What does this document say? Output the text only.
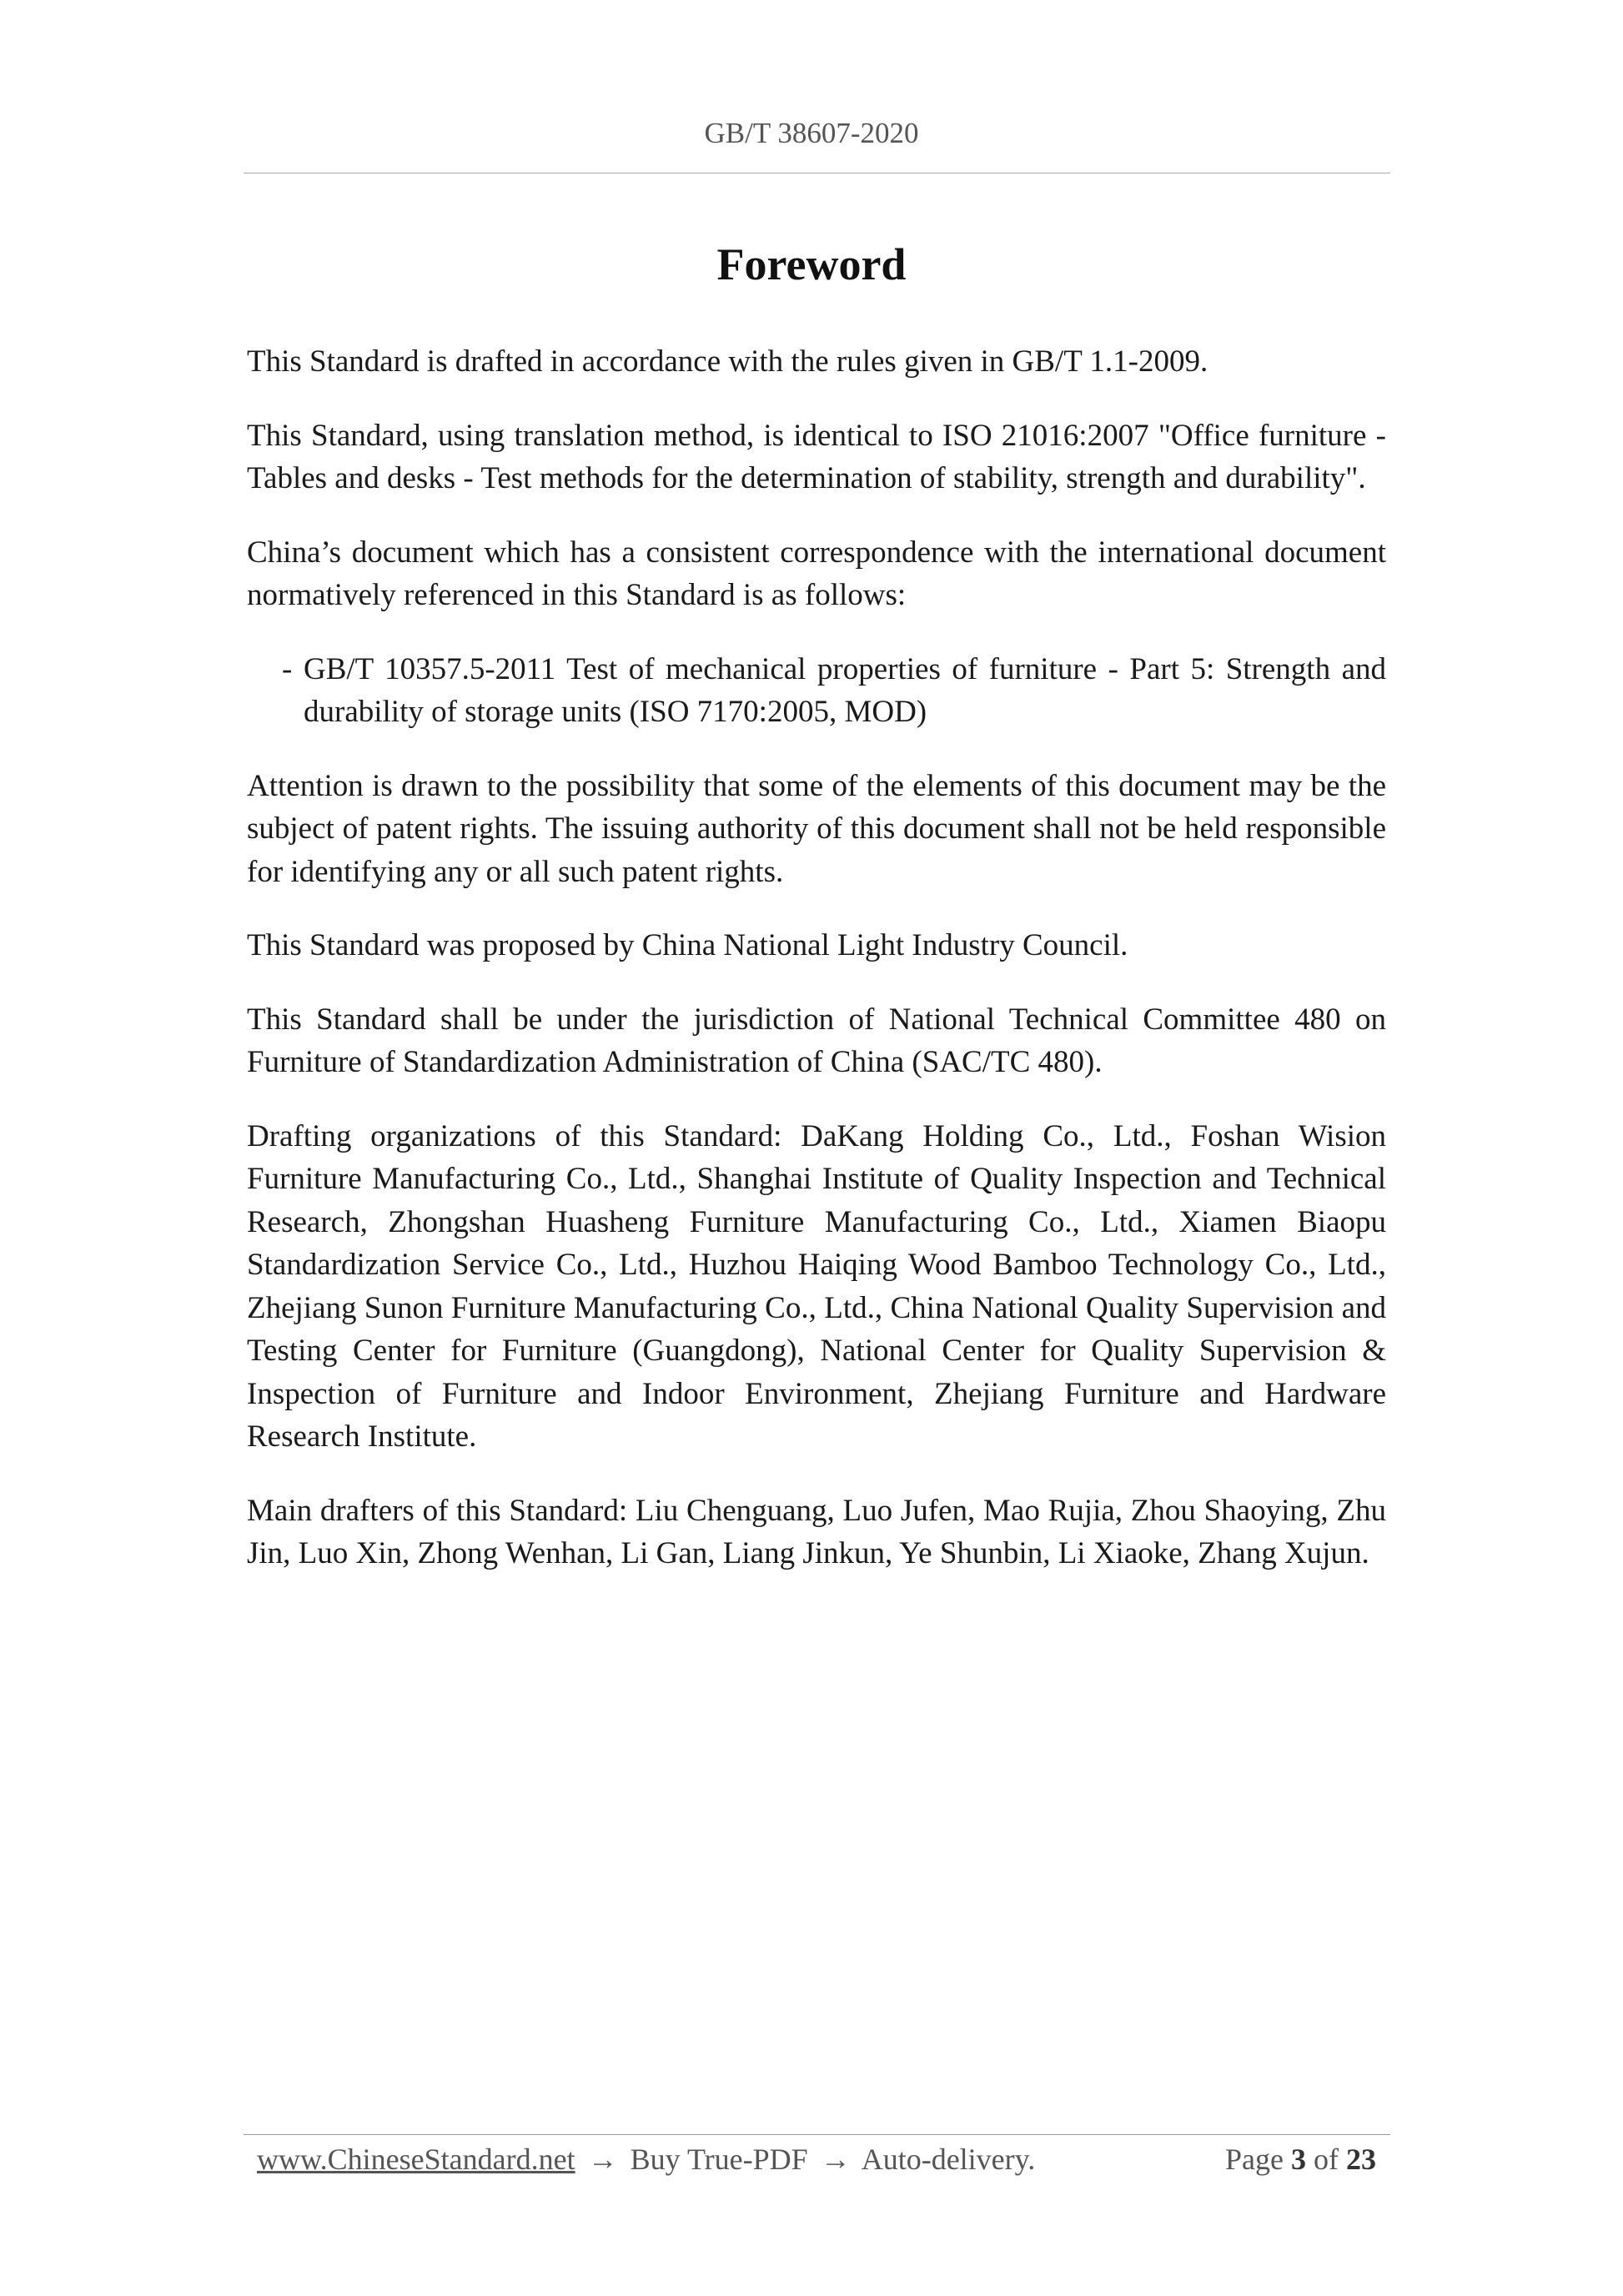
GB/T 38607-2020
Foreword

This Standard is drafted in accordance with the rules given in GB/T 1.1-2009.

This Standard, using translation method, is identical to ISO 21016:2007 "Office furniture - Tables and desks - Test methods for the determination of stability, strength and durability".

China’s document which has a consistent correspondence with the international document normatively referenced in this Standard is as follows:

- GB/T 10357.5-2011 Test of mechanical properties of furniture - Part 5: Strength and durability of storage units (ISO 7170:2005, MOD)

Attention is drawn to the possibility that some of the elements of this document may be the subject of patent rights. The issuing authority of this document shall not be held responsible for identifying any or all such patent rights.

This Standard was proposed by China National Light Industry Council.

This Standard shall be under the jurisdiction of National Technical Committee 480 on Furniture of Standardization Administration of China (SAC/TC 480).

Drafting organizations of this Standard: DaKang Holding Co., Ltd., Foshan Wision Furniture Manufacturing Co., Ltd., Shanghai Institute of Quality Inspection and Technical Research, Zhongshan Huasheng Furniture Manufacturing Co., Ltd., Xiamen Biaopu Standardization Service Co., Ltd., Huzhou Haiqing Wood Bamboo Technology Co., Ltd., Zhejiang Sunon Furniture Manufacturing Co., Ltd., China National Quality Supervision and Testing Center for Furniture (Guangdong), National Center for Quality Supervision & Inspection of Furniture and Indoor Environment, Zhejiang Furniture and Hardware Research Institute.

Main drafters of this Standard: Liu Chenguang, Luo Jufen, Mao Rujia, Zhou Shaoying, Zhu Jin, Luo Xin, Zhong Wenhan, Li Gan, Liang Jinkun, Ye Shunbin, Li Xiaoke, Zhang Xujun.

www.ChineseStandard.net → Buy True-PDF → Auto-delivery.	Page 3 of 23
